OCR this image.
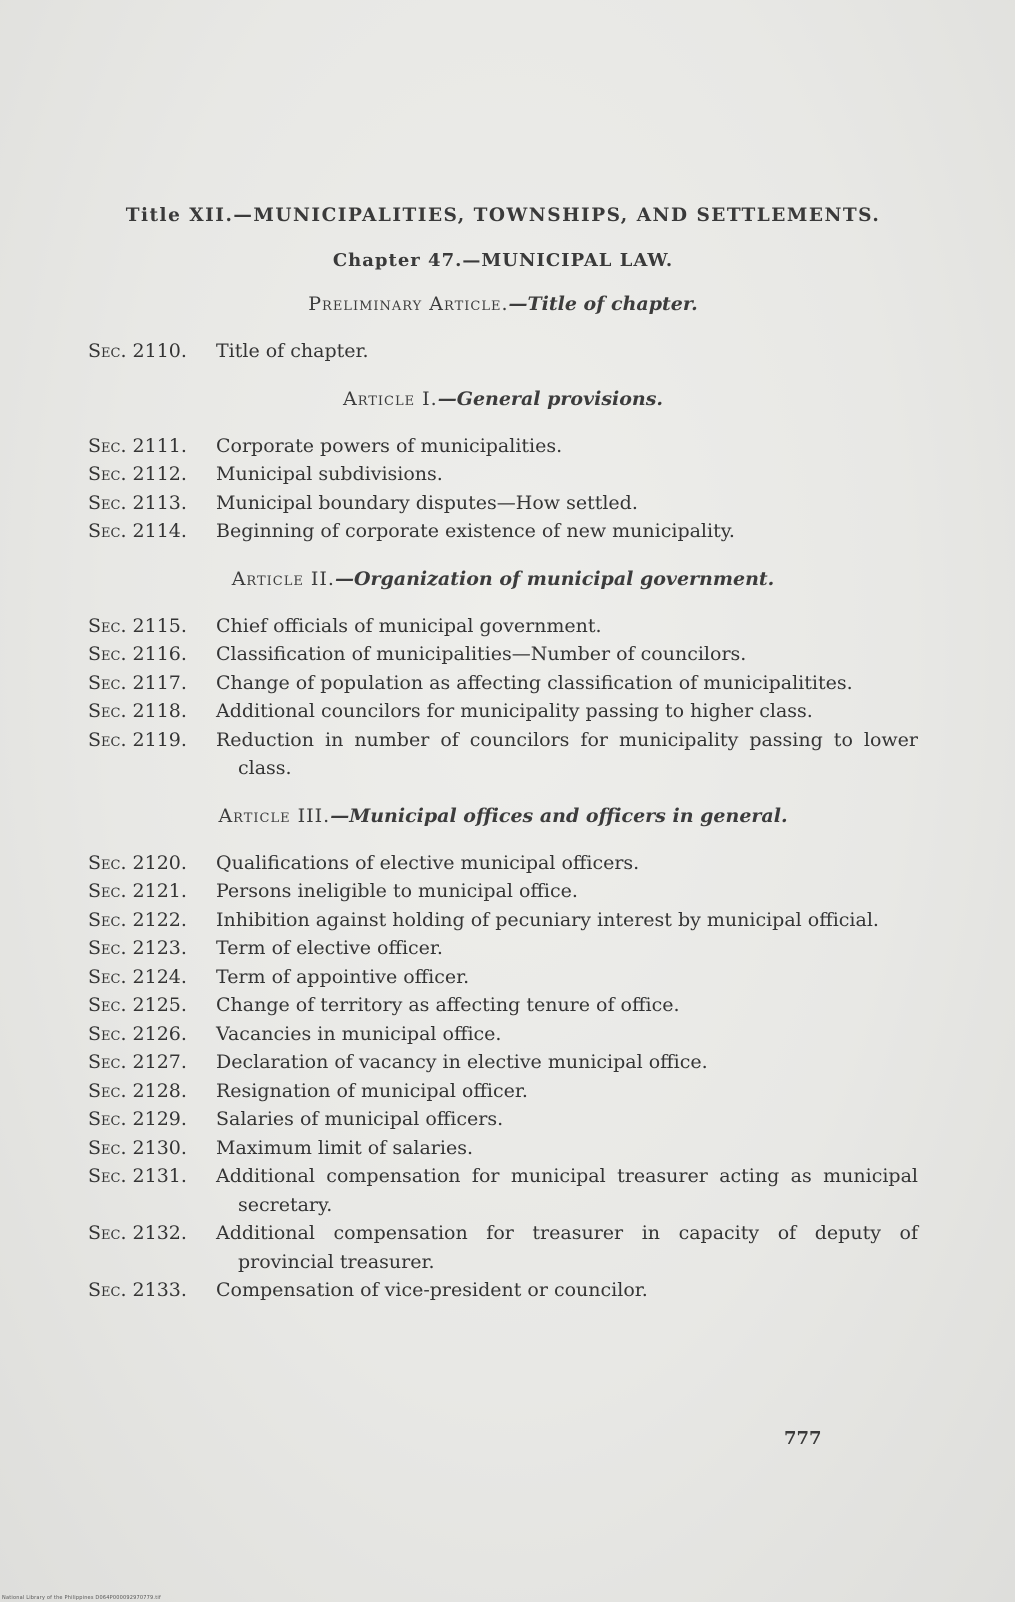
Title XII.—MUNICIPALITIES, TOWNSHIPS, AND SETTLEMENTS.
Chapter 47.—MUNICIPAL LAW.
Preliminary Article.—Title of chapter.
Sec. 2110. Title of chapter.
Article I.—General provisions.
Sec. 2111. Corporate powers of municipalities.
Sec. 2112. Municipal subdivisions.
Sec. 2113. Municipal boundary disputes—How settled.
Sec. 2114. Beginning of corporate existence of new municipality.
Article II.—Organization of municipal government.
Sec. 2115. Chief officials of municipal government.
Sec. 2116. Classification of municipalities—Number of councilors.
Sec. 2117. Change of population as affecting classification of municipalitites.
Sec. 2118. Additional councilors for municipality passing to higher class.
Sec. 2119. Reduction in number of councilors for municipality passing to lower class.
Article III.—Municipal offices and officers in general.
Sec. 2120. Qualifications of elective municipal officers.
Sec. 2121. Persons ineligible to municipal office.
Sec. 2122. Inhibition against holding of pecuniary interest by municipal official.
Sec. 2123. Term of elective officer.
Sec. 2124. Term of appointive officer.
Sec. 2125. Change of territory as affecting tenure of office.
Sec. 2126. Vacancies in municipal office.
Sec. 2127. Declaration of vacancy in elective municipal office.
Sec. 2128. Resignation of municipal officer.
Sec. 2129. Salaries of municipal officers.
Sec. 2130. Maximum limit of salaries.
Sec. 2131. Additional compensation for municipal treasurer acting as municipal secretary.
Sec. 2132. Additional compensation for treasurer in capacity of deputy of provincial treasurer.
Sec. 2133. Compensation of vice-president or councilor.
777
National Library of the Philippines D064P000092970779.tif
